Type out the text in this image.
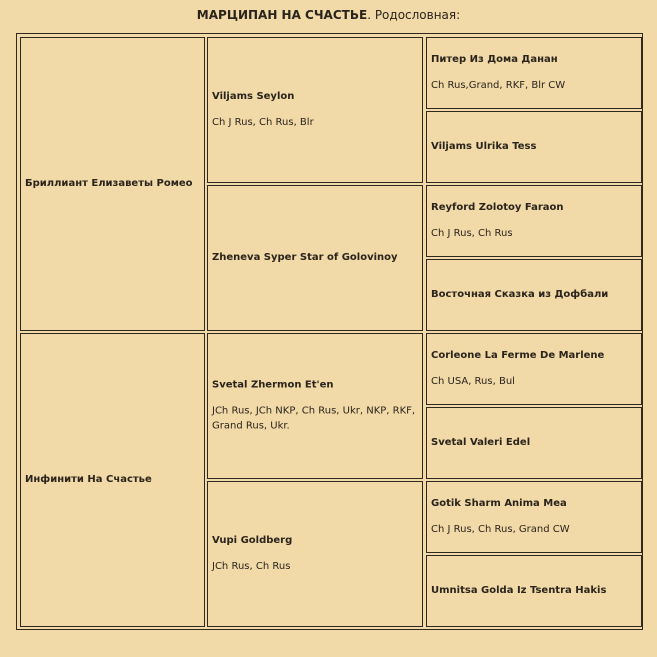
МАРЦИПАН НА СЧАСТЬЕ. Родословная:
Бриллиант Елизаветы Ромео
Инфинити На Счастье
Viljams Seylon
Ch J Rus, Ch Rus, Blr
Zheneva Syper Star of Golovinoy
Svetal Zhermon Et'en
JCh Rus, JCh NKP, Ch Rus, Ukr, NKP, RKF, Grand Rus, Ukr.
Vupi Goldberg
JCh Rus, Ch Rus
Питер Из Дома Данан
Ch Rus,Grand, RKF, Blr CW
Viljams Ulrika Tess
Reyford Zolotoy Faraon
Ch J Rus, Ch Rus
Восточная Сказка из Дофбали
Corleone La Ferme De Marlene
Ch USA, Rus, Bul
Svetal Valeri Edel
Gotik Sharm Anima Mea
Ch J Rus, Ch Rus, Grand CW
Umnitsa Golda Iz Tsentra Hakis
